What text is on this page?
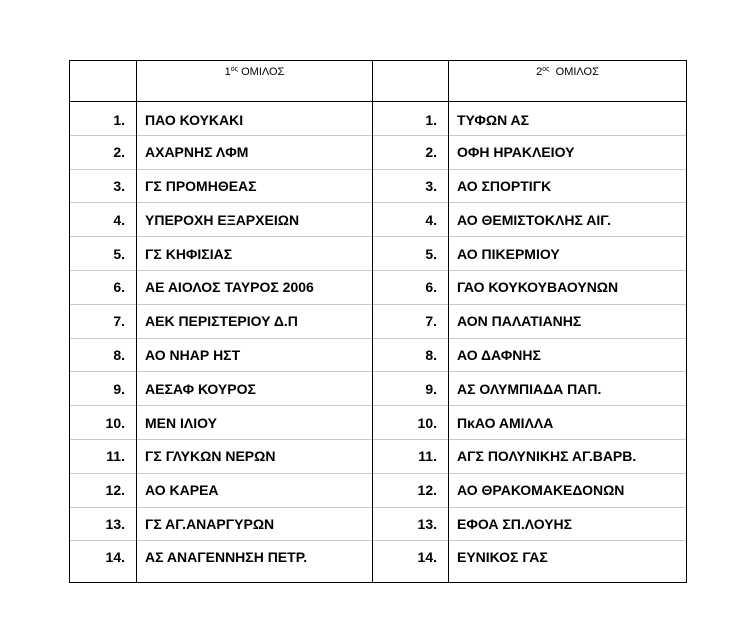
	$1^{o\varsigma}$ ΟΜΙΛΟΣ		$2^{o\varsigma}$ ΟΜΙΛΟΣ
1.	ΠΑΟ ΚΟΥΚΑΚΙ	1.	ΤΥΦΩΝ ΑΣ
2.	ΑΧΑΡΝΗΣ ΛΦΜ	2.	ΟΦΗ ΗΡΑΚΛΕΙΟΥ
3.	ΓΣ ΠΡΟΜΗΘΕΑΣ	3.	ΑΟ ΣΠΟΡΤΙΓΚ
4.	ΥΠΕΡΟΧΗ ΕΞΑΡΧΕΙΩΝ	4.	ΑΟ ΘΕΜΙΣΤΟΚΛΗΣ ΑΙΓ.
5.	ΓΣ ΚΗΦΙΣΙΑΣ	5.	ΑΟ ΠΙΚΕΡΜΙΟΥ
6.	ΑΕ ΑΙΟΛΟΣ ΤΑΥΡΟΣ 2006	6.	ΓΑΟ ΚΟΥΚΟΥΒΑΟΥΝΩΝ
7.	ΑΕΚ ΠΕΡΙΣΤΕΡΙΟΥ Δ.Π	7.	ΑΟΝ ΠΑΛΑΤΙΑΝΗΣ
8.	ΑΟ ΝΗΑΡ ΗΣΤ	8.	ΑΟ ΔΑΦΝΗΣ
9.	ΑΕΣΑΦ ΚΟΥΡΟΣ	9.	ΑΣ ΟΛΥΜΠΙΑΔΑ ΠΑΠ.
10.	ΜΕΝ ΙΛΙΟΥ	10.	ΠκΑΟ ΑΜΙΛΛΑ
11.	ΓΣ ΓΛΥΚΩΝ ΝΕΡΩΝ	11.	ΑΓΣ ΠΟΛΥΝΙΚΗΣ ΑΓ.ΒΑΡΒ.
12.	ΑΟ ΚΑΡΕΑ	12.	ΑΟ ΘΡΑΚΟΜΑΚΕΔΟΝΩΝ
13.	ΓΣ ΑΓ.ΑΝΑΡΓΥΡΩΝ	13.	ΕΦΟΑ ΣΠ.ΛΟΥΗΣ
14.	ΑΣ ΑΝΑΓΕΝΝΗΣΗ ΠΕΤΡ.	14.	ΕΥΝΙΚΟΣ ΓΑΣ
